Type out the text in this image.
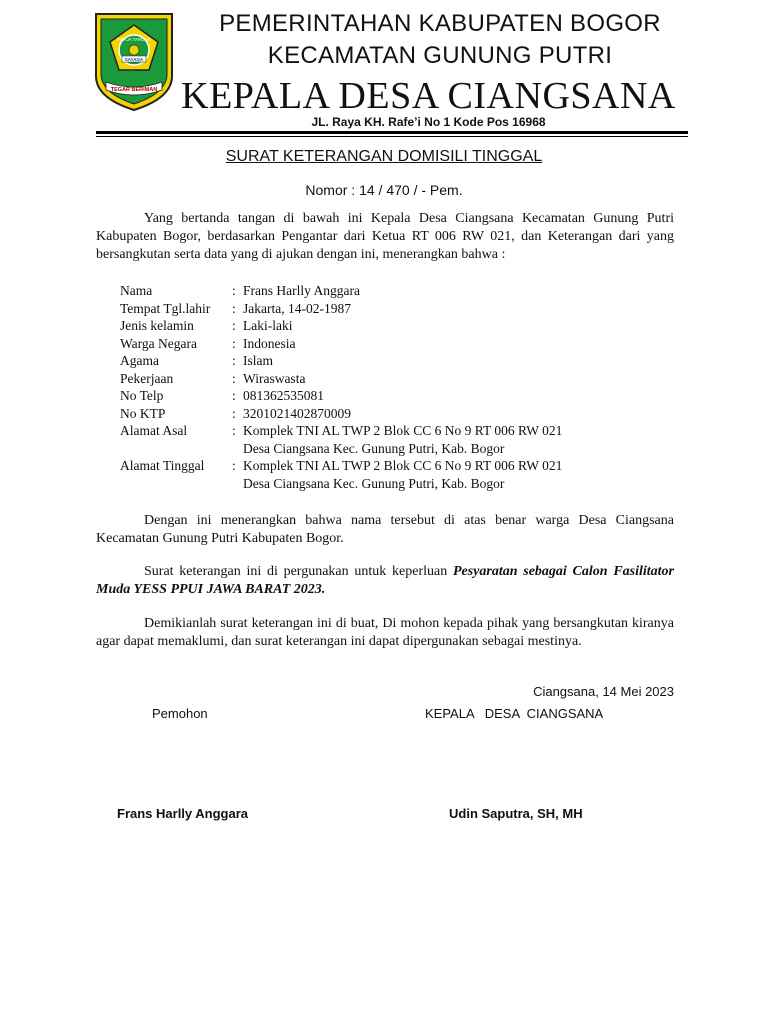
PRAJA TARUNA
SAYAGA
TEGAR BERIMAN
PEMERINTAHAN KABUPATEN BOGOR
KECAMATAN GUNUNG PUTRI
KEPALA DESA CIANGSANA
JL. Raya KH. Rafe’i No 1 Kode Pos 16968
SURAT KETERANGAN DOMISILI TINGGAL
Nomor : 14 / 470 / - Pem.
Yang bertanda tangan di bawah ini Kepala Desa Ciangsana Kecamatan Gunung Putri Kabupaten Bogor, berdasarkan Pengantar dari Ketua RT 006 RW 021, dan Keterangan dari yang bersangkutan serta data yang di ajukan dengan ini, menerangkan bahwa :
Nama	: Frans Harlly Anggara
Tempat Tgl.lahir : Jakarta, 14-02-1987
Jenis kelamin	: Laki-laki
Warga Negara	: Indonesia
Agama	: Islam
Pekerjaan	: Wiraswasta
No Telp	: 081362535081
No KTP	: 3201021402870009
Alamat Asal	: Komplek TNI AL TWP 2 Blok CC 6 No 9 RT 006 RW 021
Desa Ciangsana Kec. Gunung Putri, Kab. Bogor
Alamat Tinggal : Komplek TNI AL TWP 2 Blok CC 6 No 9 RT 006 RW 021
Desa Ciangsana Kec. Gunung Putri, Kab. Bogor
Dengan ini menerangkan bahwa nama tersebut di atas benar warga Desa Ciangsana Kecamatan Gunung Putri Kabupaten Bogor.
Surat keterangan ini di pergunakan untuk keperluan Pesyaratan sebagai Calon Fasilitator Muda YESS PPUI JAWA BARAT 2023.
Demikianlah surat keterangan ini di buat, Di mohon kepada pihak yang bersangkutan kiranya agar dapat memaklumi, dan surat keterangan ini dapat dipergunakan sebagai mestinya.
Ciangsana, 14 Mei 2023
Pemohon	KEPALA   DESA  CIANGSANA
Frans Harlly Anggara	Udin Saputra, SH, MH
